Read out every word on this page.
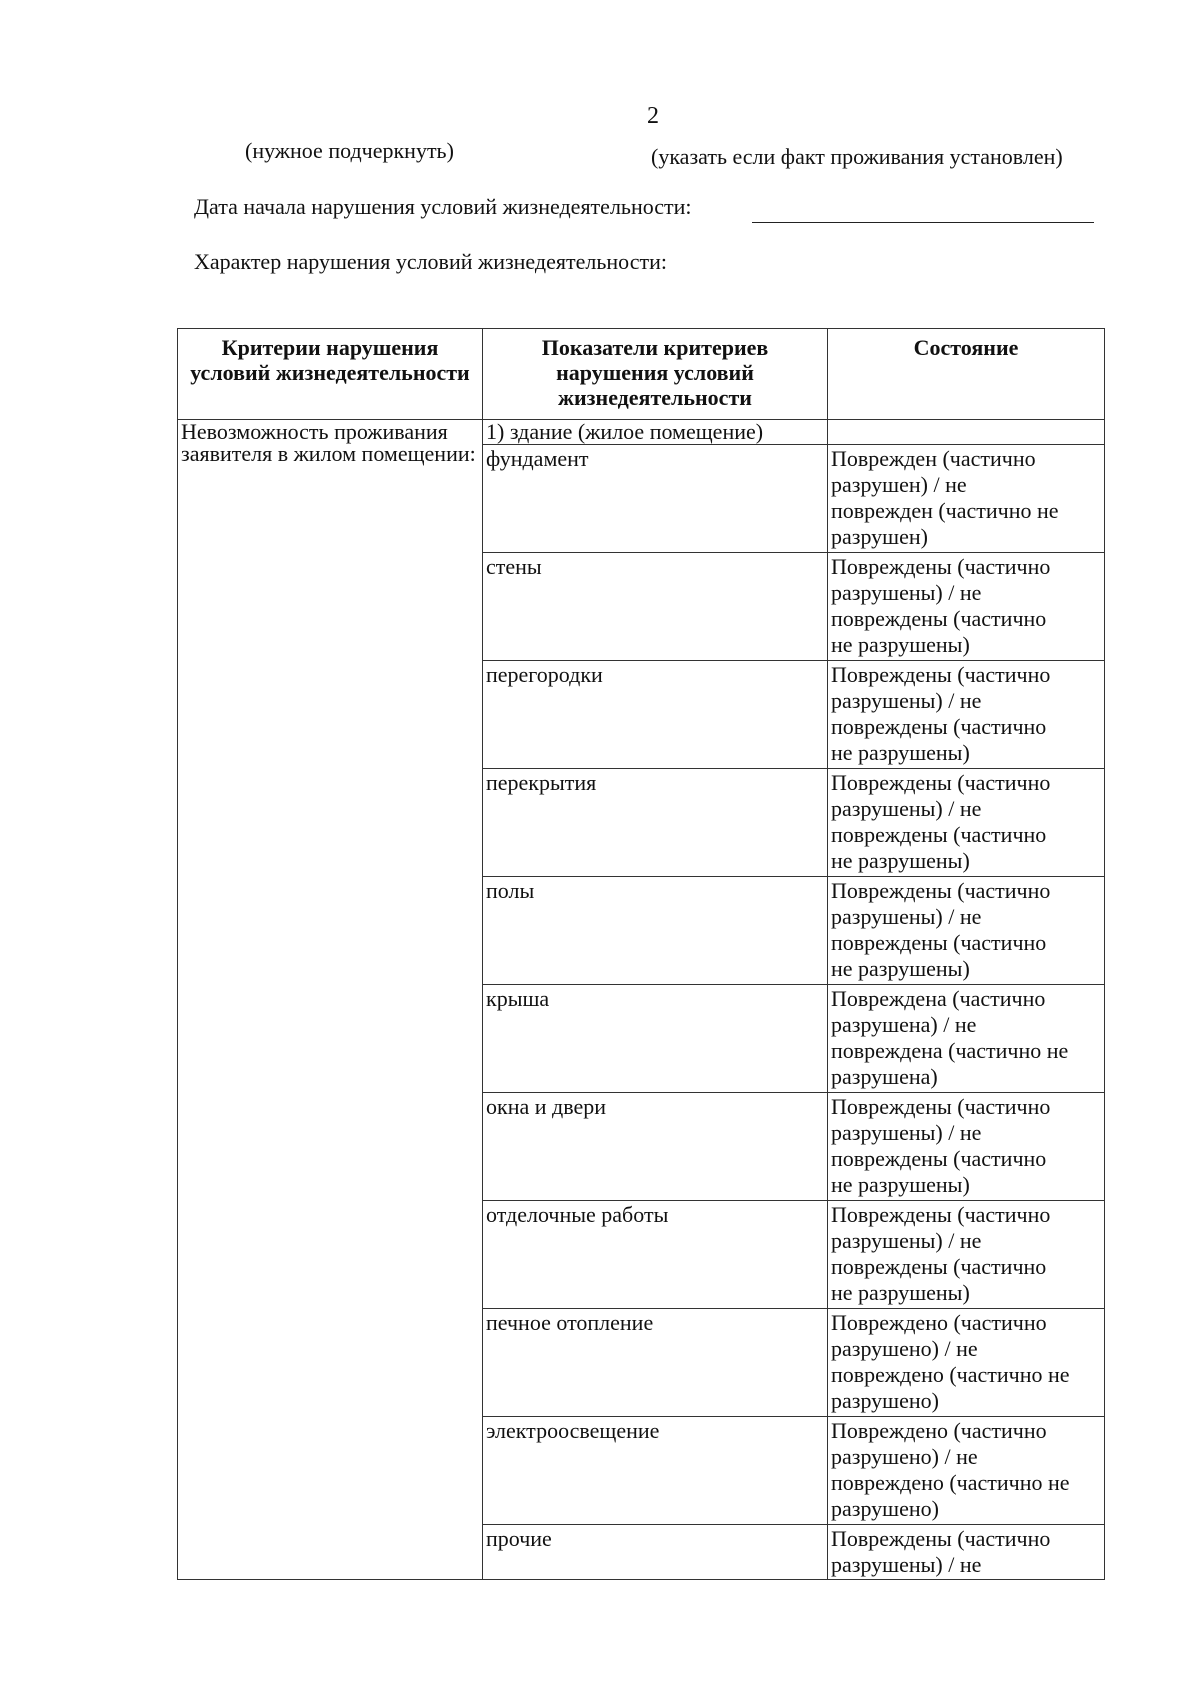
2
(нужное подчеркнуть)	(указать если факт проживания установлен)
Дата начала нарушения условий жизнедеятельности:
Характер нарушения условий жизнедеятельности:
Критерии нарушения условий жизнедеятельности	Показатели критериев нарушения условий жизнедеятельности	Состояние
Невозможность проживания заявителя в жилом помещении:	1) здание (жилое помещение)	
	фундамент	Поврежден (частично
разрушен) / не
поврежден (частично не
разрушен)
	стены	Повреждены (частично
разрушены) / не
повреждены (частично
не разрушены)
	перегородки	Повреждены (частично
разрушены) / не
повреждены (частично
не разрушены)
	перекрытия	Повреждены (частично
разрушены) / не
повреждены (частично
не разрушены)
	полы	Повреждены (частично
разрушены) / не
повреждены (частично
не разрушены)
	крыша	Повреждена (частично
разрушена) / не
повреждена (частично не
разрушена)
	окна и двери	Повреждены (частично
разрушены) / не
повреждены (частично
не разрушены)
	отделочные работы	Повреждены (частично
разрушены) / не
повреждены (частично
не разрушены)
	печное отопление	Повреждено (частично
разрушено) / не
повреждено (частично не
разрушено)
	электроосвещение	Повреждено (частично
разрушено) / не
повреждено (частично не
разрушено)
	прочие	Повреждены (частично
разрушены) / не
